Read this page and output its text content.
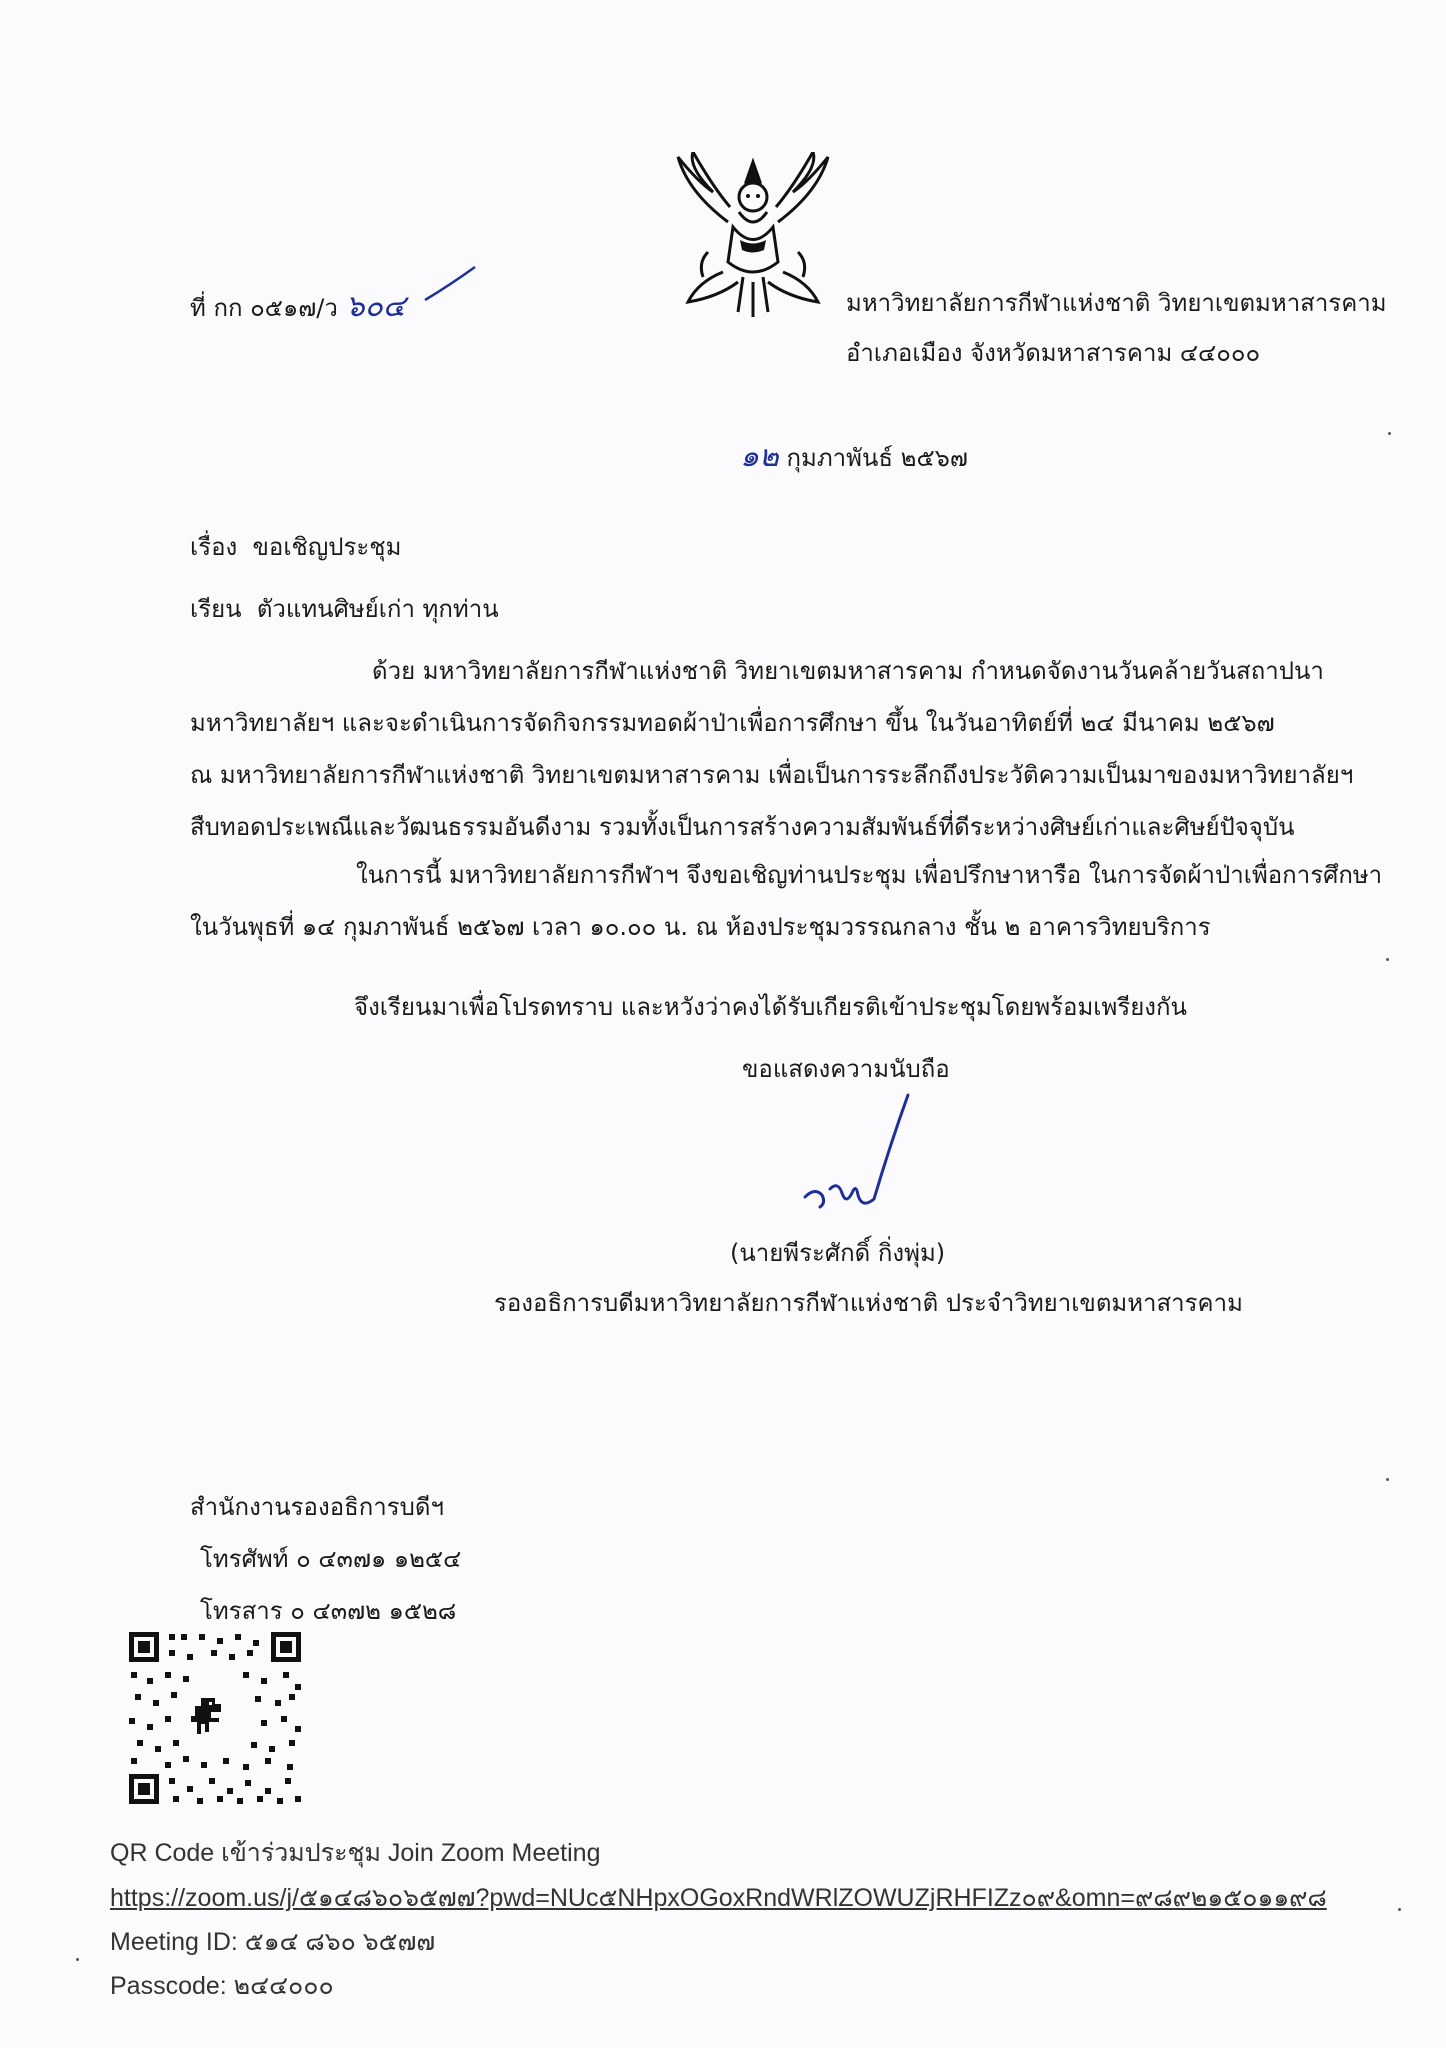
ที่ กก ๐๕๑๗/ว ๖๐๔	มหาวิทยาลัยการกีฬาแห่งชาติ วิทยาเขตมหาสารคาม
อำเภอเมือง จังหวัดมหาสารคาม ๔๔๐๐๐
๑๒ กุมภาพันธ์ ๒๕๖๗
เรื่อง ขอเชิญประชุม
เรียน ตัวแทนศิษย์เก่า ทุกท่าน
ด้วย มหาวิทยาลัยการกีฬาแห่งชาติ วิทยาเขตมหาสารคาม กำหนดจัดงานวันคล้ายวันสถาปนา
มหาวิทยาลัยฯ และจะดำเนินการจัดกิจกรรมทอดผ้าป่าเพื่อการศึกษา ขึ้น ในวันอาทิตย์ที่ ๒๔ มีนาคม ๒๕๖๗
ณ มหาวิทยาลัยการกีฬาแห่งชาติ วิทยาเขตมหาสารคาม เพื่อเป็นการระลึกถึงประวัติความเป็นมาของมหาวิทยาลัยฯ
สืบทอดประเพณีและวัฒนธรรมอันดีงาม รวมทั้งเป็นการสร้างความสัมพันธ์ที่ดีระหว่างศิษย์เก่าและศิษย์ปัจจุบัน
ในการนี้ มหาวิทยาลัยการกีฬาฯ จึงขอเชิญท่านประชุม เพื่อปรึกษาหารือ ในการจัดผ้าป่าเพื่อการศึกษา
ในวันพุธที่ ๑๔ กุมภาพันธ์ ๒๕๖๗ เวลา ๑๐.๐๐ น. ณ ห้องประชุมวรรณกลาง ชั้น ๒ อาคารวิทยบริการ
จึงเรียนมาเพื่อโปรดทราบ และหวังว่าคงได้รับเกียรติเข้าประชุมโดยพร้อมเพรียงกัน
ขอแสดงความนับถือ
(นายพีระศักดิ์ กิ่งพุ่ม)
รองอธิการบดีมหาวิทยาลัยการกีฬาแห่งชาติ ประจำวิทยาเขตมหาสารคาม
สำนักงานรองอธิการบดีฯ
โทรศัพท์ ๐ ๔๓๗๑ ๑๒๕๔
โทรสาร ๐ ๔๓๗๒ ๑๕๒๘
QR Code เข้าร่วมประชุม Join Zoom Meeting
https://zoom.us/j/๕๑๔๘๖๐๖๕๗๗?pwd=NUc๕NHpxOGoxRndWRlZOWUZjRHFIZz๐๙&omn=๙๘๙๒๑๕๐๑๑๙๘
Meeting ID: ๕๑๔ ๘๖๐ ๖๕๗๗
Passcode: ๒๔๔๐๐๐
